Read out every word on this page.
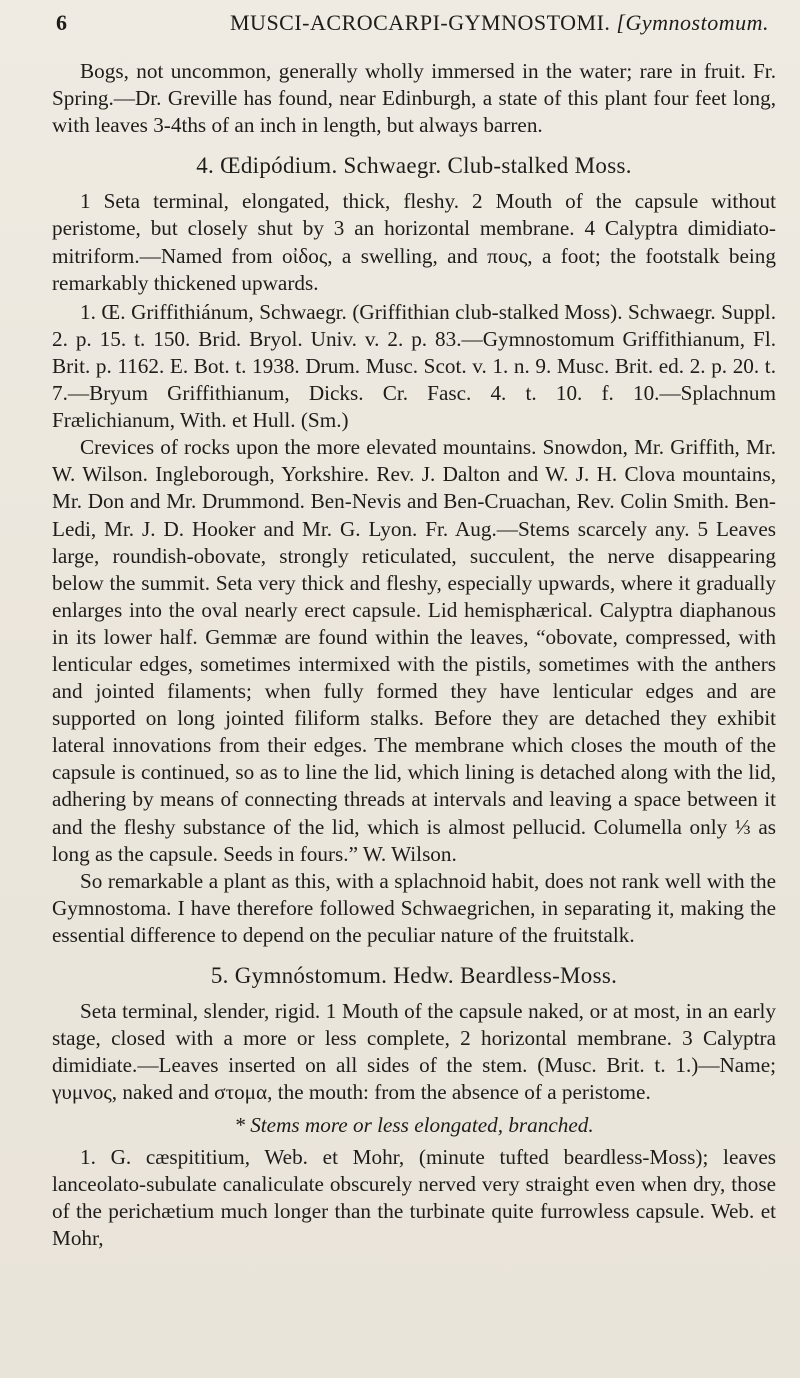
6	MUSCI-ACROCARPI-GYMNOSTOMI. [Gymnostomum.

Bogs, not uncommon, generally wholly immersed in the water; rare in fruit. Fr. Spring.—Dr. Greville has found, near Edinburgh, a state of this plant four feet long, with leaves 3-4ths of an inch in length, but always barren.

4. Œdipódium. Schwaegr. Club-stalked Moss.

1 Seta terminal, elongated, thick, fleshy. 2 Mouth of the capsule without peristome, but closely shut by 3 an horizontal membrane. 4 Calyptra dimidiato-mitriform.—Named from οἰδος, a swelling, and πους, a foot; the footstalk being remarkably thickened upwards.

1. Œ. Griffithiánum, Schwaegr. (Griffithian club-stalked Moss). Schwaegr. Suppl. 2. p. 15. t. 150. Brid. Bryol. Univ. v. 2. p. 83.—Gymnostomum Griffithianum, Fl. Brit. p. 1162. E. Bot. t. 1938. Drum. Musc. Scot. v. 1. n. 9. Musc. Brit. ed. 2. p. 20. t. 7.—Bryum Griffithianum, Dicks. Cr. Fasc. 4. t. 10. f. 10.—Splachnum Frælichianum, With. et Hull. (Sm.)

Crevices of rocks upon the more elevated mountains. Snowdon, Mr. Griffith, Mr. W. Wilson. Ingleborough, Yorkshire. Rev. J. Dalton and W. J. H. Clova mountains, Mr. Don and Mr. Drummond. Ben-Nevis and Ben-Cruachan, Rev. Colin Smith. Ben-Ledi, Mr. J. D. Hooker and Mr. G. Lyon. Fr. Aug.—Stems scarcely any. 5 Leaves large, roundish-obovate, strongly reticulated, succulent, the nerve disappearing below the summit. Seta very thick and fleshy, especially upwards, where it gradually enlarges into the oval nearly erect capsule. Lid hemisphærical. Calyptra diaphanous in its lower half. Gemmæ are found within the leaves, “obovate, compressed, with lenticular edges, sometimes intermixed with the pistils, sometimes with the anthers and jointed filaments; when fully formed they have lenticular edges and are supported on long jointed filiform stalks. Before they are detached they exhibit lateral innovations from their edges. The membrane which closes the mouth of the capsule is continued, so as to line the lid, which lining is detached along with the lid, adhering by means of connecting threads at intervals and leaving a space between it and the fleshy substance of the lid, which is almost pellucid. Columella only ⅓ as long as the capsule. Seeds in fours.” W. Wilson.

So remarkable a plant as this, with a splachnoid habit, does not rank well with the Gymnostoma. I have therefore followed Schwaegrichen, in separating it, making the essential difference to depend on the peculiar nature of the fruitstalk.

5. Gymnóstomum. Hedw. Beardless-Moss.

Seta terminal, slender, rigid. 1 Mouth of the capsule naked, or at most, in an early stage, closed with a more or less complete, 2 horizontal membrane. 3 Calyptra dimidiate.—Leaves inserted on all sides of the stem. (Musc. Brit. t. 1.)—Name; γυμνος, naked and στομα, the mouth: from the absence of a peristome.

* Stems more or less elongated, branched.

1. G. cæspititium, Web. et Mohr, (minute tufted beardless-Moss); leaves lanceolato-subulate canaliculate obscurely nerved very straight even when dry, those of the perichætium much longer than the turbinate quite furrowless capsule. Web. et Mohr,
